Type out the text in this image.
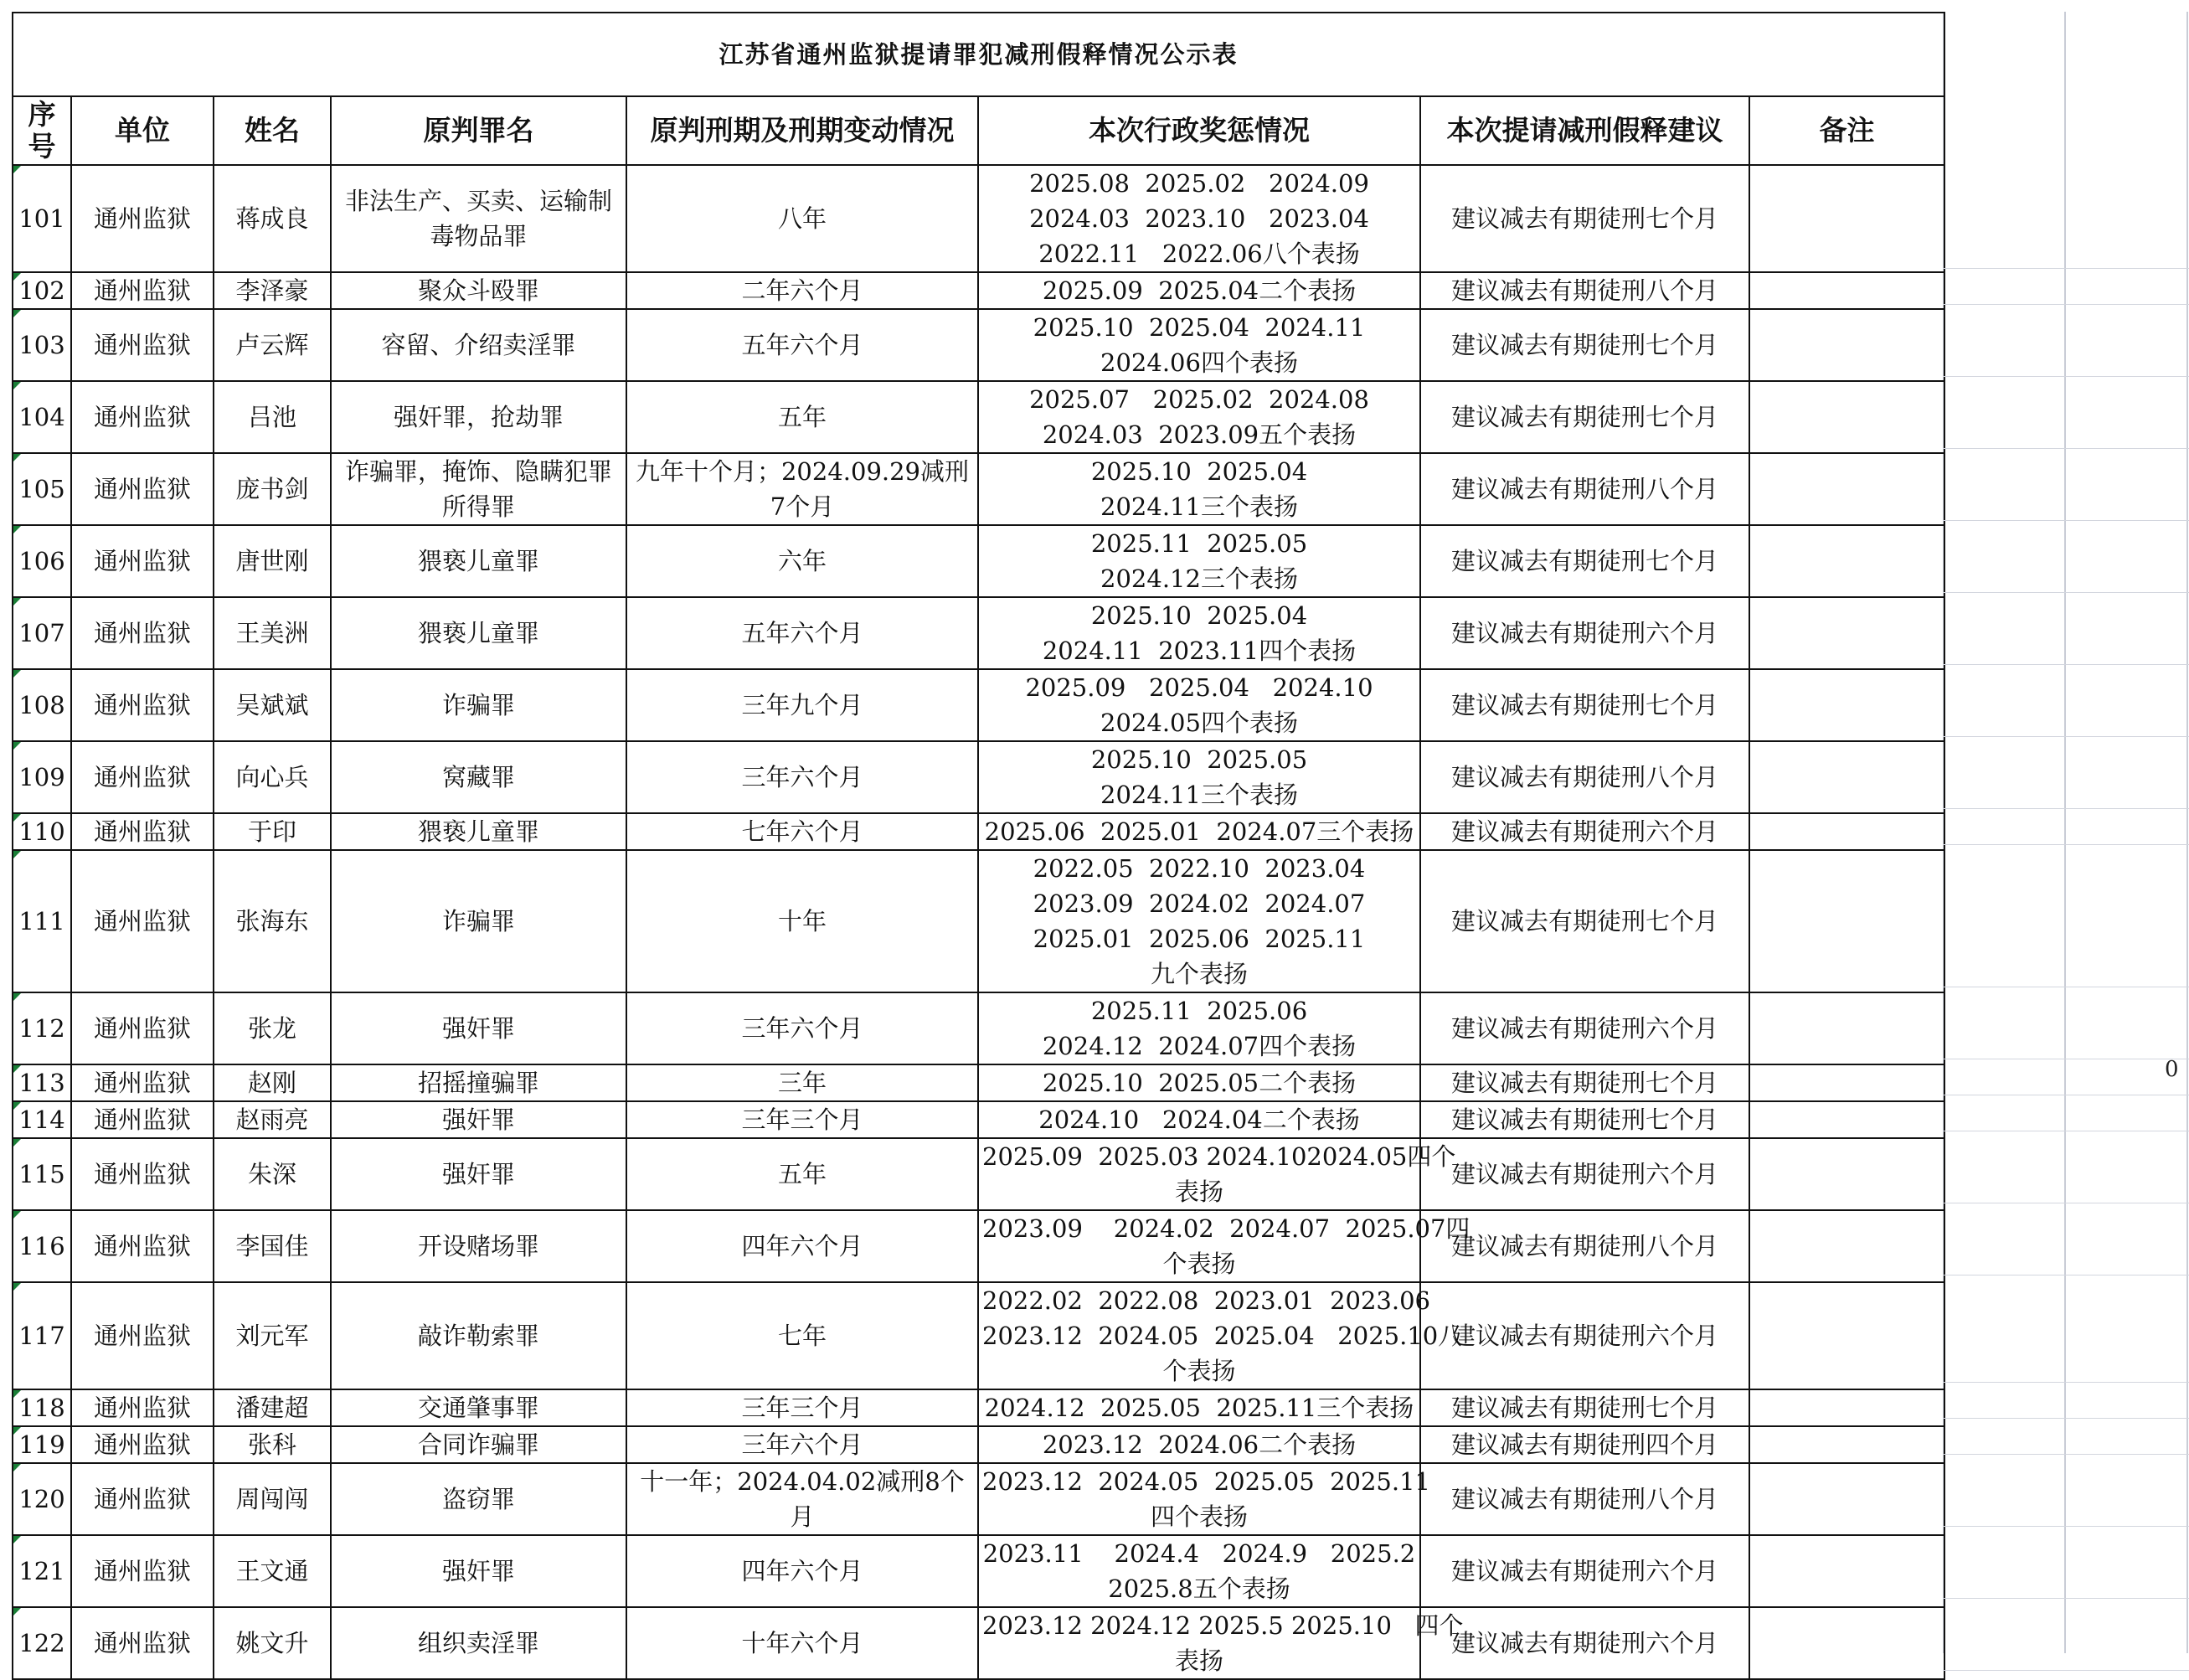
江苏省通州监狱提请罪犯减刑假释情况公示表							
序号	单位	姓名	原判罪名	原判刑期及刑期变动情况	本次行政奖惩情况	本次提请减刑假释建议	备注
101	通州监狱	蒋成良	非法生产、买卖、运输制毒物品罪	八年	2025.08  2025.02   2024.09
2024.03  2023.10   2023.04
2022.11   2022.06八个表扬	建议减去有期徒刑七个月	
102	通州监狱	李泽豪	聚众斗殴罪	二年六个月	2025.09  2025.04二个表扬	建议减去有期徒刑八个月	
103	通州监狱	卢云辉	容留、介绍卖淫罪	五年六个月	2025.10  2025.04  2024.11
2024.06四个表扬	建议减去有期徒刑七个月	
104	通州监狱	吕池	强奸罪，抢劫罪	五年	2025.07   2025.02  2024.08
2024.03  2023.09五个表扬	建议减去有期徒刑七个月	
105	通州监狱	庞书剑	诈骗罪，掩饰、隐瞒犯罪所得罪	九年十个月；2024.09.29减刑7个月	2025.10  2025.04
2024.11三个表扬	建议减去有期徒刑八个月	
106	通州监狱	唐世刚	猥亵儿童罪	六年	2025.11  2025.05
2024.12三个表扬	建议减去有期徒刑七个月	
107	通州监狱	王美洲	猥亵儿童罪	五年六个月	2025.10  2025.04
2024.11  2023.11四个表扬	建议减去有期徒刑六个月	
108	通州监狱	吴斌斌	诈骗罪	三年九个月	2025.09   2025.04   2024.10
2024.05四个表扬	建议减去有期徒刑七个月	
109	通州监狱	向心兵	窝藏罪	三年六个月	2025.10  2025.05
2024.11三个表扬	建议减去有期徒刑八个月	
110	通州监狱	于印	猥亵儿童罪	七年六个月	2025.06  2025.01  2024.07三个表扬	建议减去有期徒刑六个月	
111	通州监狱	张海东	诈骗罪	十年	2022.05  2022.10  2023.04
2023.09  2024.02  2024.07
2025.01  2025.06  2025.11
九个表扬	建议减去有期徒刑七个月	
112	通州监狱	张龙	强奸罪	三年六个月	2025.11  2025.06
2024.12  2024.07四个表扬	建议减去有期徒刑六个月	
113	通州监狱	赵刚	招摇撞骗罪	三年	2025.10  2025.05二个表扬	建议减去有期徒刑七个月	
114	通州监狱	赵雨亮	强奸罪	三年三个月	2024.10   2024.04二个表扬	建议减去有期徒刑七个月	
115	通州监狱	朱深	强奸罪	五年	2025.09  2025.03 2024.102024.05四个
表扬	建议减去有期徒刑六个月	
116	通州监狱	李国佳	开设赌场罪	四年六个月	2023.09    2024.02  2024.07  2025.07四
个表扬	建议减去有期徒刑八个月	
117	通州监狱	刘元军	敲诈勒索罪	七年	2022.02  2022.08  2023.01  2023.06
2023.12  2024.05  2025.04   2025.10八
个表扬	建议减去有期徒刑六个月	
118	通州监狱	潘建超	交通肇事罪	三年三个月	2024.12  2025.05  2025.11三个表扬	建议减去有期徒刑七个月	
119	通州监狱	张科	合同诈骗罪	三年六个月	2023.12  2024.06二个表扬	建议减去有期徒刑四个月	
120	通州监狱	周闯闯	盗窃罪	十一年；2024.04.02减刑8个月	2023.12  2024.05  2025.05  2025.11
四个表扬	建议减去有期徒刑八个月	
121	通州监狱	王文通	强奸罪	四年六个月	2023.11    2024.4   2024.9   2025.2
2025.8五个表扬	建议减去有期徒刑六个月	
122	通州监狱	姚文升	组织卖淫罪	十年六个月	2023.12 2024.12 2025.5 2025.10   四个
表扬	建议减去有期徒刑六个月	
0
